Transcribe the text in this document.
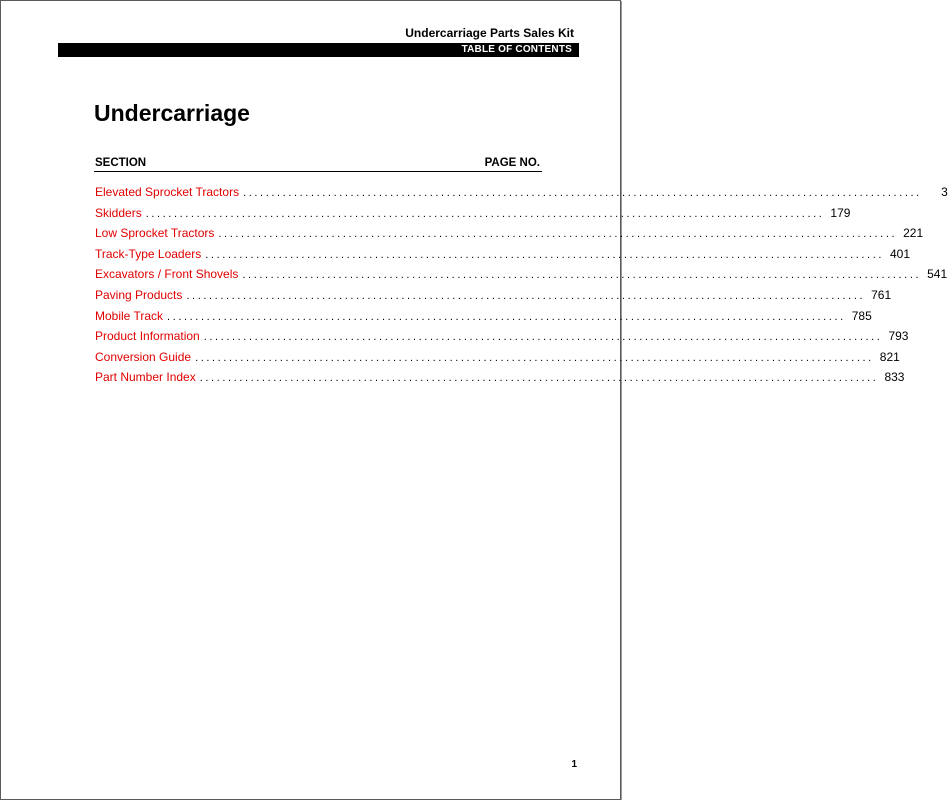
Undercarriage Parts Sales Kit
TABLE OF CONTENTS
Undercarriage
SECTION	PAGE NO.
Elevated Sprocket Tractors ........................................................................................................................	3
Skidders ........................................................................................................................ 179
Low Sprocket Tractors ........................................................................................................................ 221
Track-Type Loaders ........................................................................................................................ 401
Excavators / Front Shovels ........................................................................................................................ 541
Paving Products ........................................................................................................................ 761
Mobile Track ........................................................................................................................ 785
Product Information ........................................................................................................................ 793
Conversion Guide ........................................................................................................................ 821
Part Number Index ........................................................................................................................ 833
1
